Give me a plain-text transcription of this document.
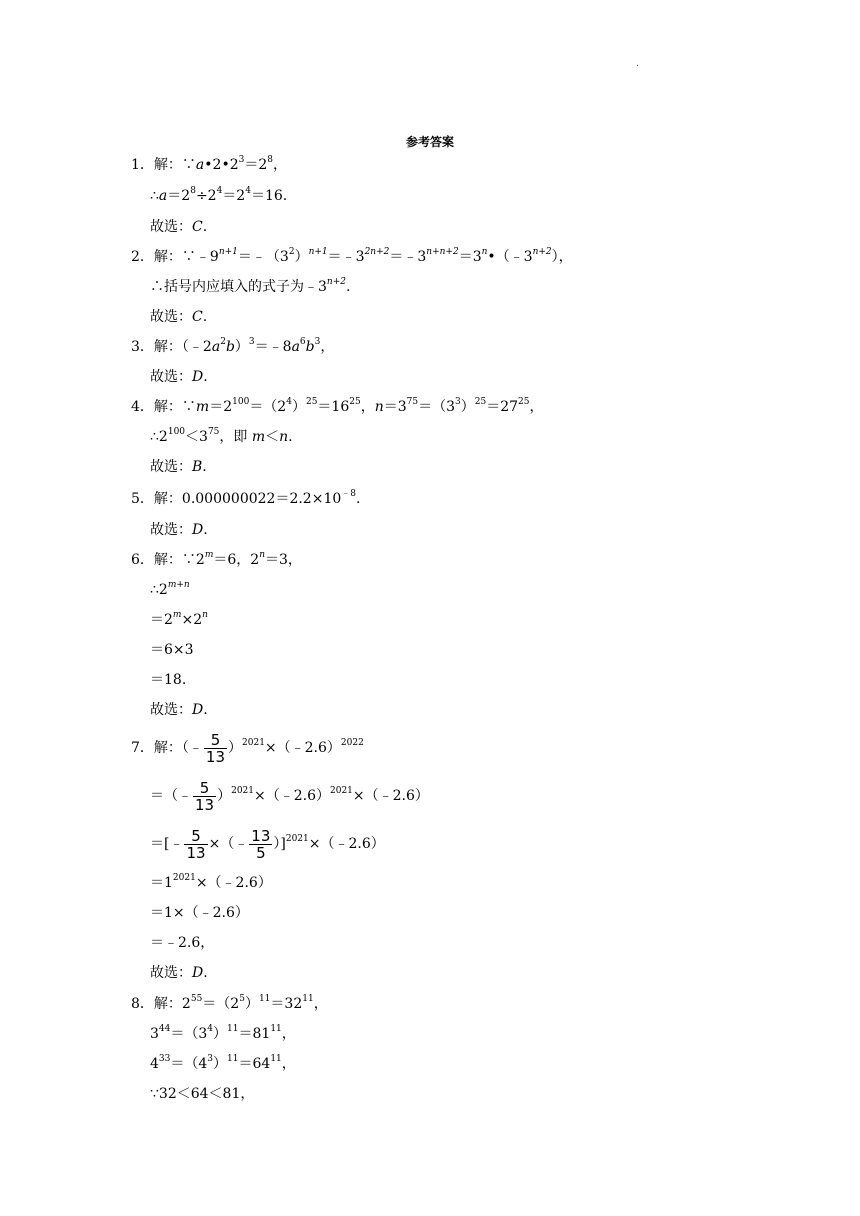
.
参考答案
1．解：$\because a•2•2^3=2^8$，
$\therefore a=2^8\div 2^4=2^4=16$.
故选：C.
2．解：$\because﹣9^{n+1}=﹣(3^2)^{n+1}=﹣3^{2n+2}=﹣3^{n+n+2}=3^n•(﹣3^{n+2})$，
∴括号内应填入的式子为$﹣3^{n+2}$.
故选：C.
3．解：$(﹣2a^2b)^3=﹣8a^6b^3$，
故选：D.
4．解：$\because m=2^{100}=(2^4)^{25}=16^{25}$，$n=3^{75}=(3^3)^{25}=27^{25}$，
$\therefore 2^{100}<3^{75}$，即 m＜n.
故选：B.
5．解：$0.000000022=2.2\times 10^{﹣8}$.
故选：D.
6．解：$\because 2^m=6$，$2^n=3$，
$\therefore 2^{m+n}$
$=2^m\times 2^n$
＝6×3
＝18.
故选：D.
7．解：（﹣ $\frac{5}{13}$ ）$^{2021}$×（﹣2.6）$^{2022}$
＝（﹣ $\frac{5}{13}$ ）$^{2021}$×（﹣2.6）$^{2021}$×（﹣2.6）
＝[﹣ $\frac{5}{13}$ ×（﹣ $\frac{13}{5}$ ）]$^{2021}$×（﹣2.6）
$=1^{2021}\times(﹣2.6)$
＝1×（﹣2.6）
＝﹣2.6，
故选：D.
8．解：$2^{55}=(2^5)^{11}=32^{11}$，
$3^{44}=(3^4)^{11}=81^{11}$，
$4^{33}=(4^3)^{11}=64^{11}$，
∵32＜64＜81，
